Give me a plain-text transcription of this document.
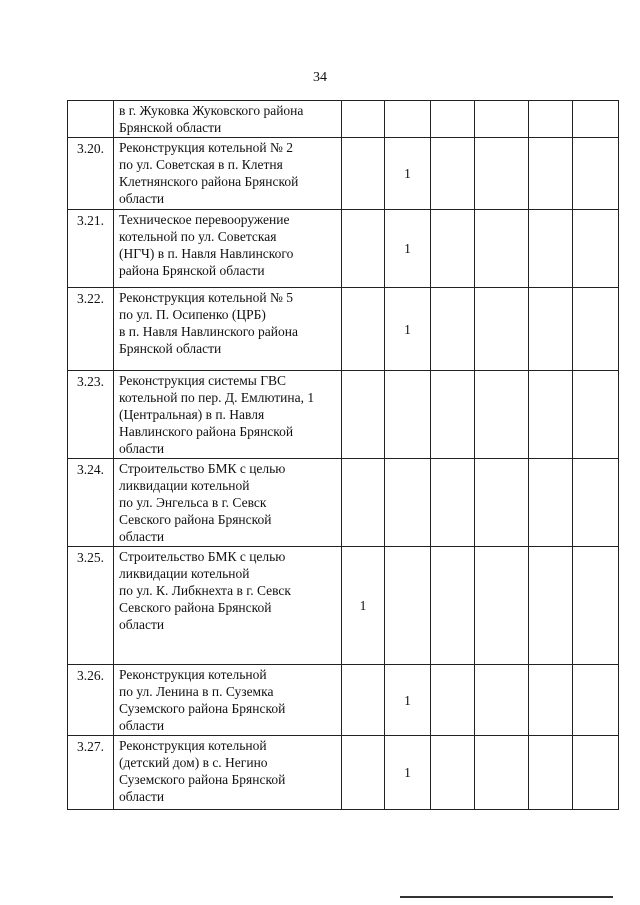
34
	в г. Жуковка Жуковского района
Брянской области						
3.20.	Реконструкция котельной № 2
по ул. Советская в п. Клетня
Клетнянского района Брянской
области		1				
3.21.	Техническое перевооружение
котельной по ул. Советская
(НГЧ) в п. Навля Навлинского
района Брянской области		1				
3.22.	Реконструкция котельной № 5
по ул. П. Осипенко (ЦРБ)
в п. Навля Навлинского района
Брянской области		1				
3.23.	Реконструкция системы ГВС
котельной по пер. Д. Емлютина, 1
(Центральная) в п. Навля
Навлинского района Брянской
области						
3.24.	Строительство БМК с целью
ликвидации котельной
по ул. Энгельса в г. Севск
Севского района Брянской
области						
3.25.	Строительство БМК с целью
ликвидации котельной
по ул. К. Либкнехта в г. Севск
Севского района Брянской
области	1					
3.26.	Реконструкция котельной
по ул. Ленина в п. Суземка
Суземского района Брянской
области		1				
3.27.	Реконструкция котельной
(детский дом) в с. Негино
Суземского района Брянской
области		1				
